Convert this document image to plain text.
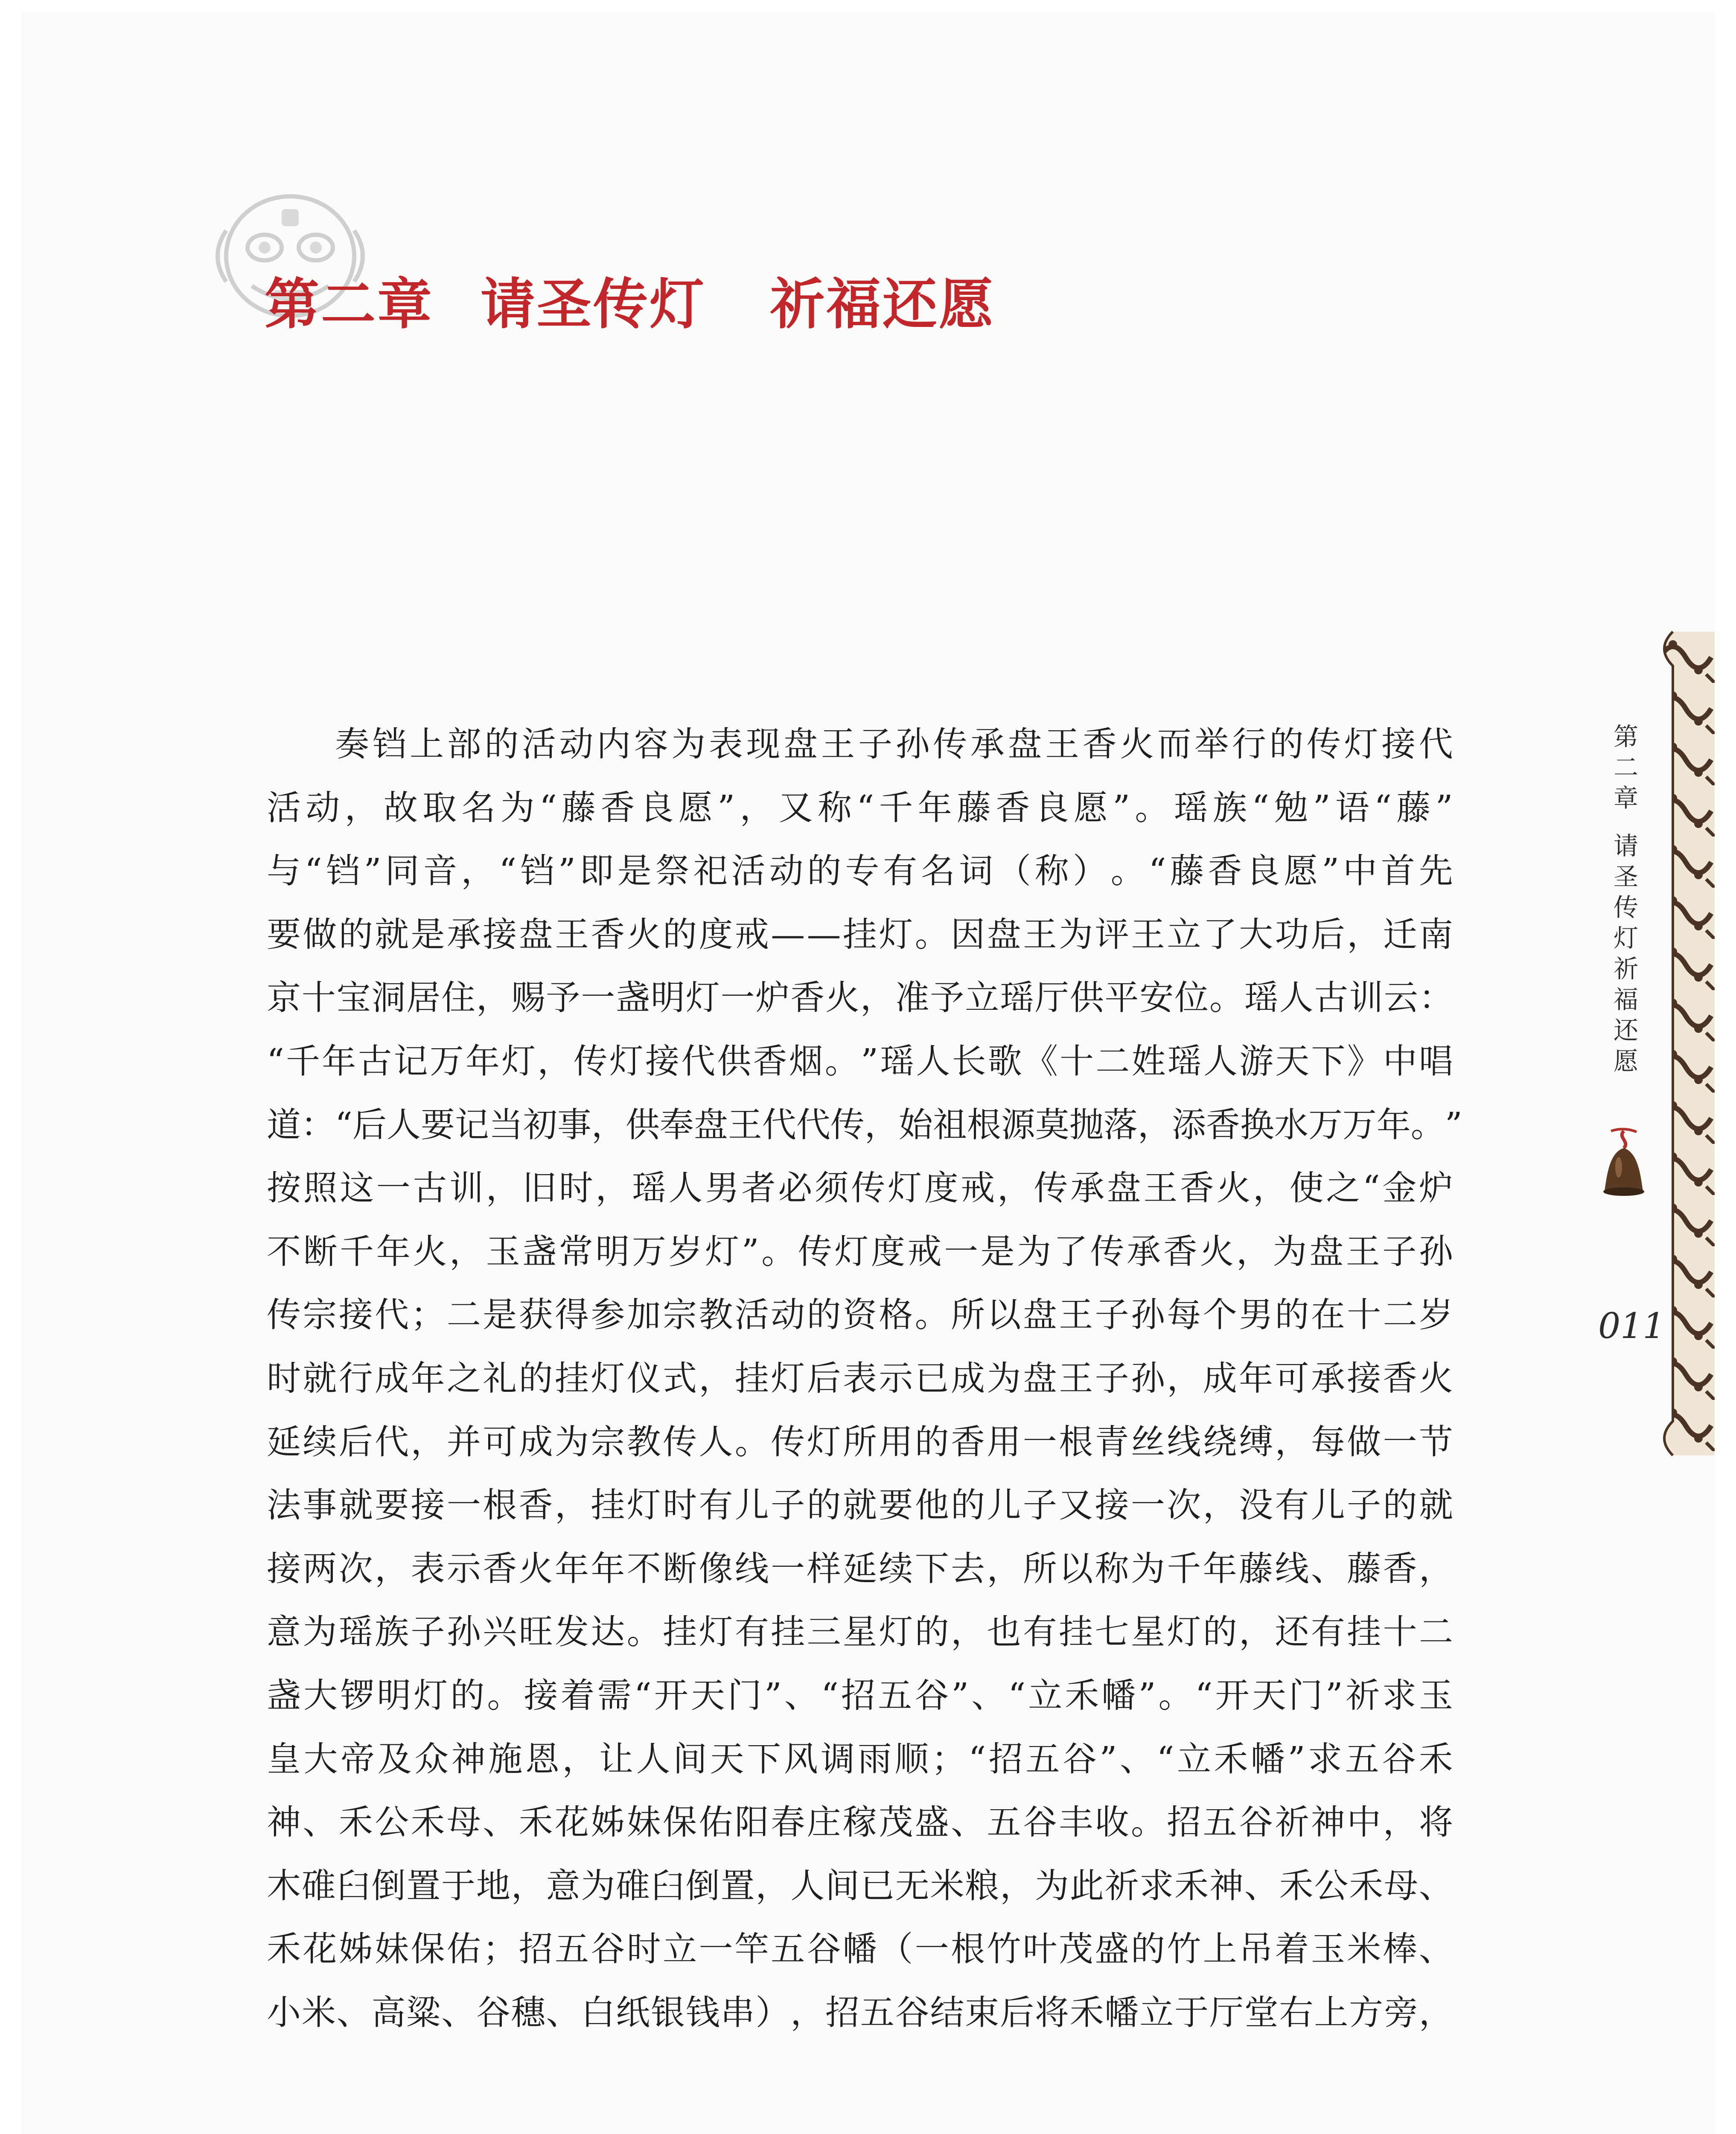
第二章 请圣传灯 祈福还愿
奏 铛 上 部 的 活 动 内 容 为 表 现 盘 王 子 孙 传 承 盘 王 香 火 而 举 行 的 传 灯 接 代
活 动 ， 故 取 名 为 “ 藤 香 良 愿 ” ， 又 称 “ 千 年 藤 香 良 愿 ” 。 瑶 族 “ 勉 ” 语 “ 藤 ”
与 “ 铛 ” 同 音 ， “ 铛 ” 即 是 祭 祀 活 动 的 专 有 名 词 （ 称 ） 。 “ 藤 香 良 愿 ” 中 首 先
要 做 的 就 是 承 接 盘 王 香 火 的 度 戒 — — 挂 灯 。 因 盘 王 为 评 王 立 了 大 功 后 ， 迁 南
京 十 宝 洞 居 住 ， 赐 予 一 盏 明 灯 一 炉 香 火 ， 准 予 立 瑶 厅 供 平 安 位 。 瑶 人 古 训 云 ：
“ 千 年 古 记 万 年 灯 ， 传 灯 接 代 供 香 烟 。 ” 瑶 人 长 歌 《 十 二 姓 瑶 人 游 天 下 》 中 唱
道 ： “ 后 人 要 记 当 初 事 ， 供 奉 盘 王 代 代 传 ， 始 祖 根 源 莫 抛 落 ， 添 香 换 水 万 万 年 。 ”
按 照 这 一 古 训 ， 旧 时 ， 瑶 人 男 者 必 须 传 灯 度 戒 ， 传 承 盘 王 香 火 ， 使 之 “ 金 炉
不 断 千 年 火 ， 玉 盏 常 明 万 岁 灯 ” 。 传 灯 度 戒 一 是 为 了 传 承 香 火 ， 为 盘 王 子 孙
传 宗 接 代 ； 二 是 获 得 参 加 宗 教 活 动 的 资 格 。 所 以 盘 王 子 孙 每 个 男 的 在 十 二 岁
时 就 行 成 年 之 礼 的 挂 灯 仪 式 ， 挂 灯 后 表 示 已 成 为 盘 王 子 孙 ， 成 年 可 承 接 香 火
延 续 后 代 ， 并 可 成 为 宗 教 传 人 。 传 灯 所 用 的 香 用 一 根 青 丝 线 绕 缚 ， 每 做 一 节
法 事 就 要 接 一 根 香 ， 挂 灯 时 有 儿 子 的 就 要 他 的 儿 子 又 接 一 次 ， 没 有 儿 子 的 就
接 两 次 ， 表 示 香 火 年 年 不 断 像 线 一 样 延 续 下 去 ， 所 以 称 为 千 年 藤 线 、 藤 香 ，
意 为 瑶 族 子 孙 兴 旺 发 达 。 挂 灯 有 挂 三 星 灯 的 ， 也 有 挂 七 星 灯 的 ， 还 有 挂 十 二
盏 大 锣 明 灯 的 。 接 着 需 “ 开 天 门 ” 、 “ 招 五 谷 ” 、 “ 立 禾 幡 ” 。 “ 开 天 门 ” 祈 求 玉
皇 大 帝 及 众 神 施 恩 ， 让 人 间 天 下 风 调 雨 顺 ； “ 招 五 谷 ” 、 “ 立 禾 幡 ” 求 五 谷 禾
神 、 禾 公 禾 母 、 禾 花 姊 妹 保 佑 阳 春 庄 稼 茂 盛 、 五 谷 丰 收 。 招 五 谷 祈 神 中 ， 将
木 碓 臼 倒 置 于 地 ， 意 为 碓 臼 倒 置 ， 人 间 已 无 米 粮 ， 为 此 祈 求 禾 神 、 禾 公 禾 母 、
禾 花 姊 妹 保 佑 ； 招 五 谷 时 立 一 竿 五 谷 幡 （ 一 根 竹 叶 茂 盛 的 竹 上 吊 着 玉 米 棒 、
小 米 、 高 粱 、 谷 穗 、 白 纸 银 钱 串 ） ， 招 五 谷 结 束 后 将 禾 幡 立 于 厅 堂 右 上 方 旁 ，
第
二
章
请
圣
传
灯
祈
福
还
愿
011
